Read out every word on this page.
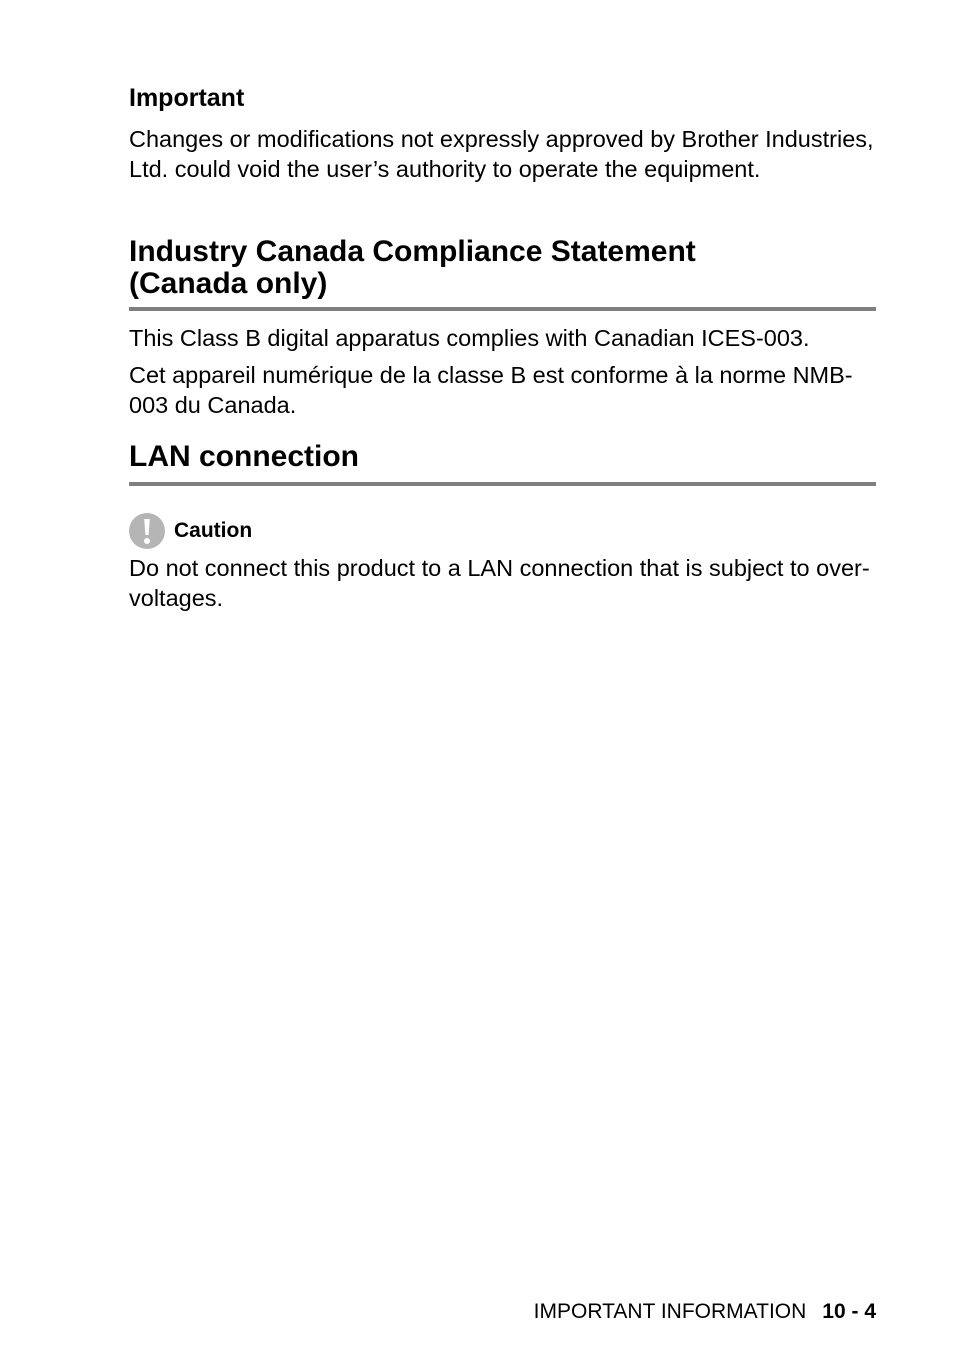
Important

Changes or modifications not expressly approved by Brother Industries, Ltd. could void the user’s authority to operate the equipment.

Industry Canada Compliance Statement
(Canada only)

This Class B digital apparatus complies with Canadian ICES-003.

Cet appareil numérique de la classe B est conforme à la norme NMB-003 du Canada.

LAN connection
Caution

Do not connect this product to a LAN connection that is subject to over-voltages.

IMPORTANT INFORMATION 10 - 4
